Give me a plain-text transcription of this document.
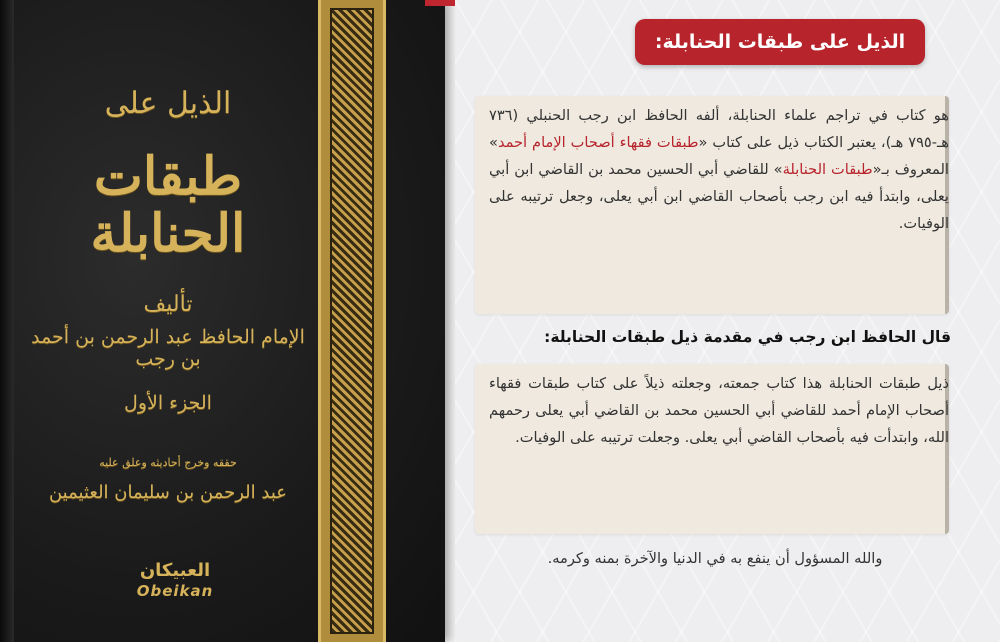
الذيل على
طبقات الحنابلة
تأليف
الإمام الحافظ عبد الرحمن بن أحمد بن رجب
الجزء الأول
حققه وخرج أحاديثه وعلق عليه
عبد الرحمن بن سليمان العثيمين
العبيكان
Obeikan
الذيل على طبقات الحنابلة:
هو كتاب في تراجم علماء الحنابلة، ألفه الحافظ ابن رجب الحنبلي (٧٣٦ هـ-٧٩٥ هـ)، يعتبر الكتاب ذيل على كتاب «طبقات فقهاء أصحاب الإمام أحمد» المعروف بـ«طبقات الحنابلة» للقاضي أبي الحسين محمد بن القاضي ابن أبي يعلى، وابتدأ فيه ابن رجب بأصحاب القاضي ابن أبي يعلى، وجعل ترتيبه على الوفيات.
قال الحافظ ابن رجب في مقدمة ذيل طبقات الحنابلة:
ذيل طبقات الحنابلة هذا كتاب جمعته، وجعلته ذيلاً على كتاب طبقات فقهاء أصحاب الإمام أحمد للقاضي أبي الحسين محمد بن القاضي أبي يعلى رحمهم الله، وابتدأت فيه بأصحاب القاضي أبي يعلى. وجعلت ترتيبه على الوفيات.
والله المسؤول أن ينفع به في الدنيا والآخرة بمنه وكرمه.
